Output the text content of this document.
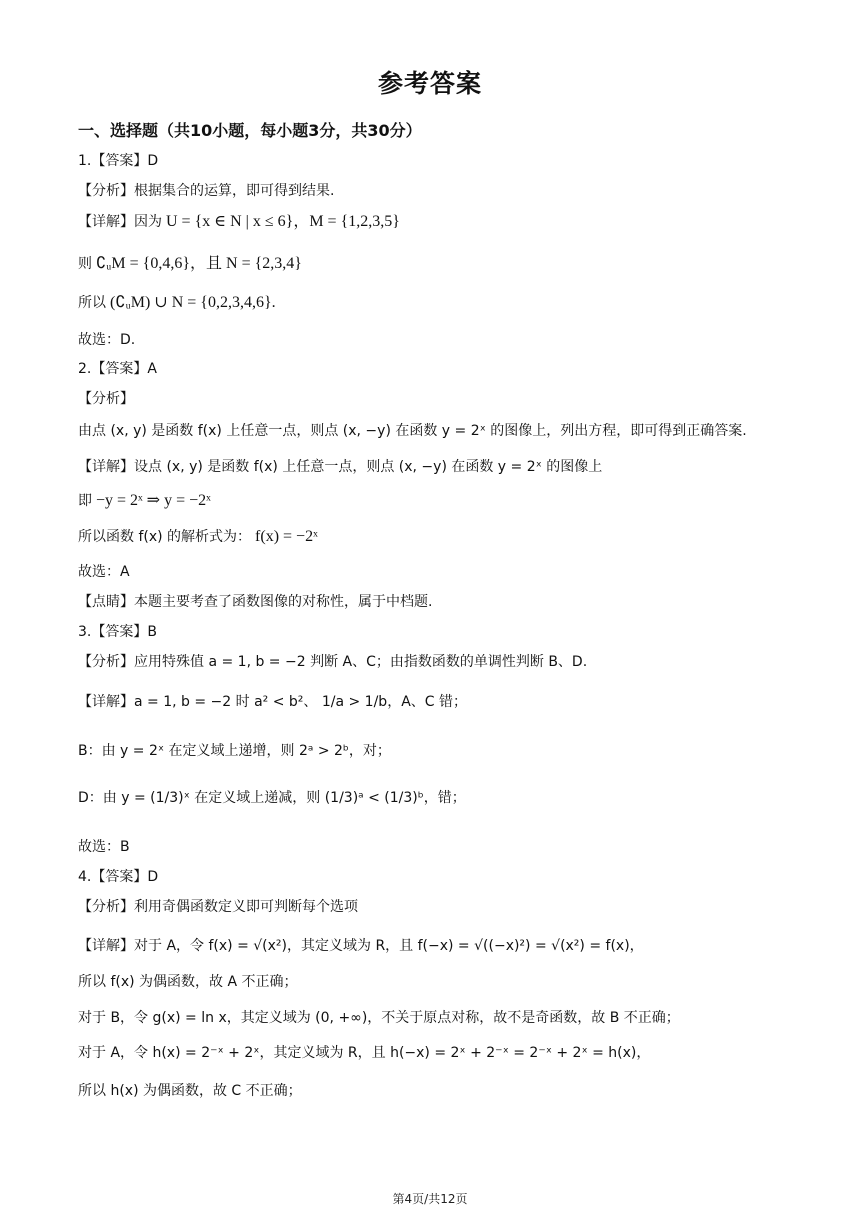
参考答案
一、选择题（共10小题，每小题3分，共30分）
1.【答案】D
【分析】根据集合的运算，即可得到结果.
【详解】因为 U = {x ∈ N | x ≤ 6}，M = {1,2,3,5}
则 ∁ᵤM = {0,4,6}，且 N = {2,3,4}
所以 (∁ᵤM) ∪ N = {0,2,3,4,6}.
故选：D.
2.【答案】A
【分析】
由点 (x, y) 是函数 f(x) 上任意一点，则点 (x, −y) 在函数 y = 2ˣ 的图像上，列出方程，即可得到正确答案.
【详解】设点 (x, y) 是函数 f(x) 上任意一点，则点 (x, −y) 在函数 y = 2ˣ 的图像上
即 −y = 2ˣ ⇒ y = −2ˣ
所以函数 f(x) 的解析式为： f(x) = −2ˣ
故选：A
【点睛】本题主要考查了函数图像的对称性，属于中档题.
3.【答案】B
【分析】应用特殊值 a = 1, b = −2 判断 A、C；由指数函数的单调性判断 B、D.
【详解】a = 1, b = −2 时 a² < b²、 1/a > 1/b，A、C 错；
B：由 y = 2ˣ 在定义域上递增，则 2ᵃ > 2ᵇ，对；
D：由 y = (1/3)ˣ 在定义域上递减，则 (1/3)ᵃ < (1/3)ᵇ，错；
故选：B
4.【答案】D
【分析】利用奇偶函数定义即可判断每个选项
【详解】对于 A，令 f(x) = √(x²)，其定义域为 R，且 f(−x) = √((−x)²) = √(x²) = f(x)，
所以 f(x) 为偶函数，故 A 不正确；
对于 B，令 g(x) = ln x，其定义域为 (0, +∞)，不关于原点对称，故不是奇函数，故 B 不正确；
对于 A，令 h(x) = 2⁻ˣ + 2ˣ，其定义域为 R，且 h(−x) = 2ˣ + 2⁻ˣ = 2⁻ˣ + 2ˣ = h(x)，
所以 h(x) 为偶函数，故 C 不正确；
第4页/共12页
